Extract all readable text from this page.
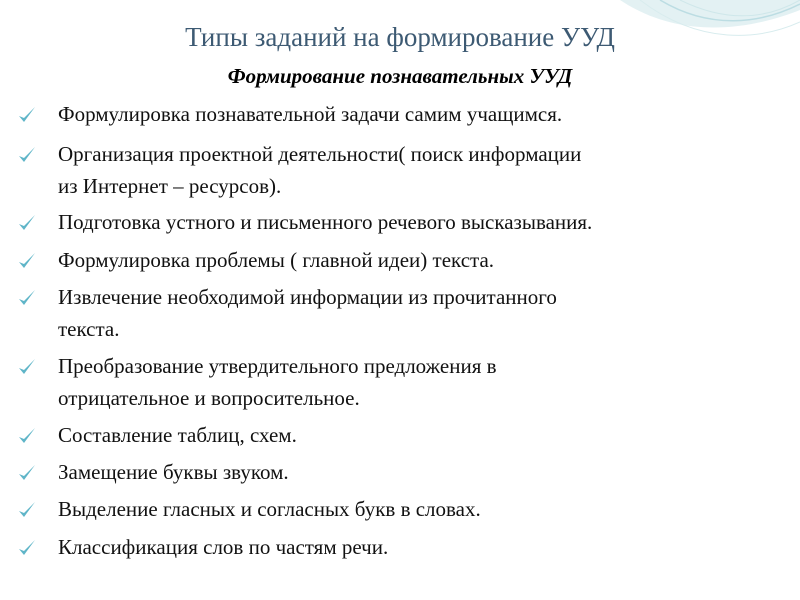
Типы заданий на формирование УУД
Формирование познавательных УУД
Формулировка познавательной задачи самим учащимся.
Организация проектной деятельности( поиск информации
из Интернет – ресурсов).
Подготовка устного и письменного речевого высказывания.
Формулировка проблемы ( главной идеи) текста.
Извлечение необходимой информации из прочитанного
текста.
Преобразование утвердительного предложения в
отрицательное и вопросительное.
Составление таблиц, схем.
Замещение буквы звуком.
Выделение гласных и согласных букв в словах.
Классификация слов по частям речи.
